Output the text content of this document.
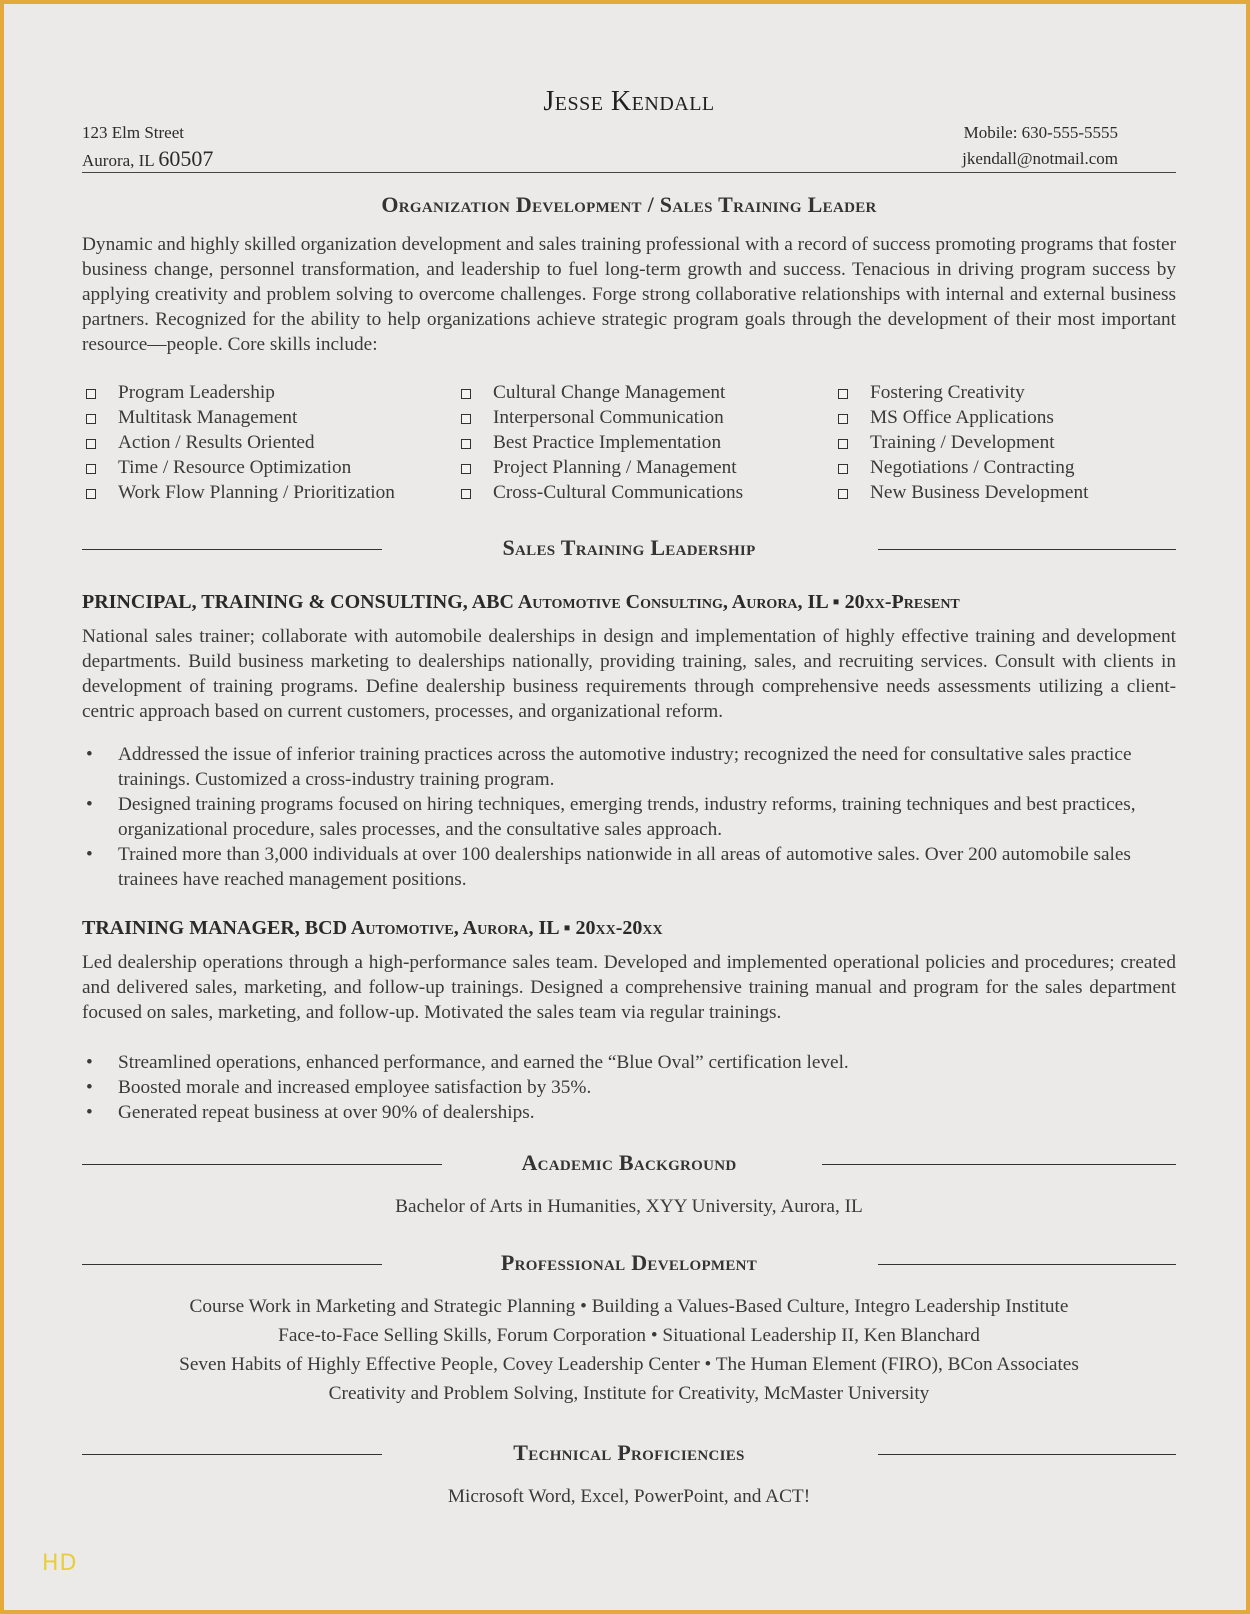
Jesse Kendall
123 Elm Street
Aurora, IL 60507
Mobile: 630-555-5555
jkendall@notmail.com
Organization Development / Sales Training Leader
Dynamic and highly skilled organization development and sales training professional with a record of success promoting programs that foster business change, personnel transformation, and leadership to fuel long-term growth and success. Tenacious in driving program success by applying creativity and problem solving to overcome challenges. Forge strong collaborative relationships with internal and external business partners. Recognized for the ability to help organizations achieve strategic program goals through the development of their most important resource—people. Core skills include:
Program Leadership
Multitask Management
Action / Results Oriented
Time / Resource Optimization
Work Flow Planning / Prioritization
Cultural Change Management
Interpersonal Communication
Best Practice Implementation
Project Planning / Management
Cross-Cultural Communications
Fostering Creativity
MS Office Applications
Training / Development
Negotiations / Contracting
New Business Development
Sales Training Leadership
PRINCIPAL, TRAINING & CONSULTING, ABC Automotive Consulting, Aurora, IL ▪ 20xx-Present
National sales trainer; collaborate with automobile dealerships in design and implementation of highly effective training and development departments. Build business marketing to dealerships nationally, providing training, sales, and recruiting services. Consult with clients in development of training programs. Define dealership business requirements through comprehensive needs assessments utilizing a client-centric approach based on current customers, processes, and organizational reform.
• Addressed the issue of inferior training practices across the automotive industry; recognized the need for consultative sales practice trainings. Customized a cross-industry training program.
• Designed training programs focused on hiring techniques, emerging trends, industry reforms, training techniques and best practices, organizational procedure, sales processes, and the consultative sales approach.
• Trained more than 3,000 individuals at over 100 dealerships nationwide in all areas of automotive sales. Over 200 automobile sales trainees have reached management positions.
TRAINING MANAGER, BCD Automotive, Aurora, IL ▪ 20xx-20xx
Led dealership operations through a high-performance sales team. Developed and implemented operational policies and procedures; created and delivered sales, marketing, and follow-up trainings. Designed a comprehensive training manual and program for the sales department focused on sales, marketing, and follow-up. Motivated the sales team via regular trainings.
• Streamlined operations, enhanced performance, and earned the “Blue Oval” certification level.
• Boosted morale and increased employee satisfaction by 35%.
• Generated repeat business at over 90% of dealerships.
Academic Background
Bachelor of Arts in Humanities, XYY University, Aurora, IL
Professional Development
Course Work in Marketing and Strategic Planning • Building a Values-Based Culture, Integro Leadership Institute
Face-to-Face Selling Skills, Forum Corporation • Situational Leadership II, Ken Blanchard
Seven Habits of Highly Effective People, Covey Leadership Center • The Human Element (FIRO), BCon Associates
Creativity and Problem Solving, Institute for Creativity, McMaster University
Technical Proficiencies
Microsoft Word, Excel, PowerPoint, and ACT!
HD
